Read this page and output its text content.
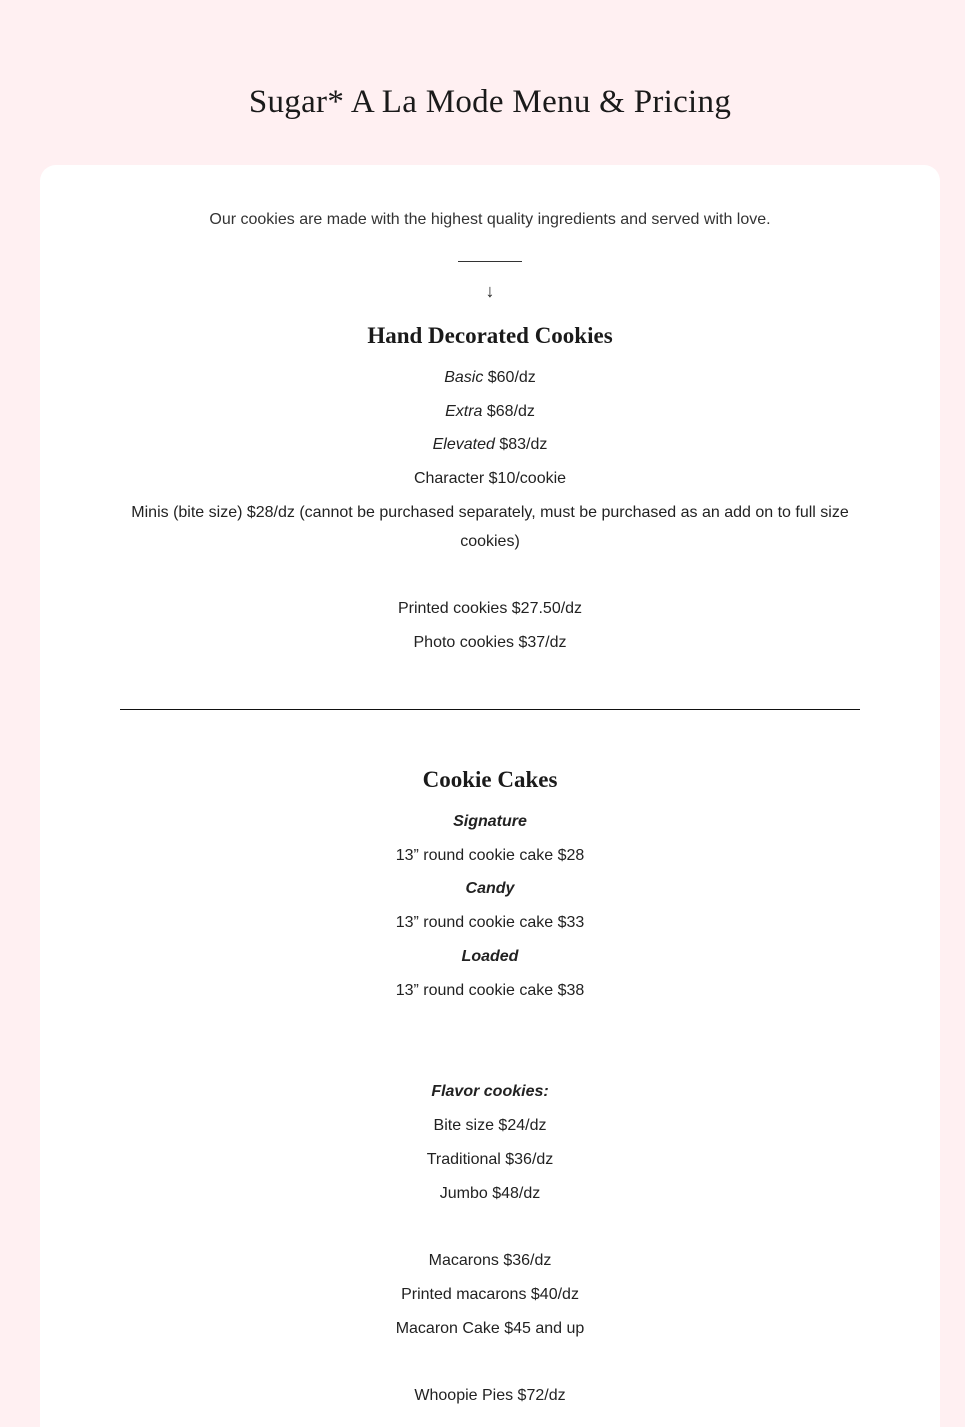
Sugar* A La Mode Menu & Pricing

Our cookies are made with the highest quality ingredients and served with love.

↓
Hand Decorated Cookies

Basic $60/dz

Extra $68/dz

Elevated $83/dz

Character $10/cookie

Minis (bite size) $28/dz (cannot be purchased separately, must be purchased as an add on to full size cookies)

Printed cookies $27.50/dz

Photo cookies $37/dz

Cookie Cakes

Signature

13” round cookie cake $28

Candy

13” round cookie cake $33

Loaded

13” round cookie cake $38

Flavor cookies:

Bite size $24/dz

Traditional $36/dz

Jumbo $48/dz

Macarons $36/dz

Printed macarons $40/dz

Macaron Cake $45 and up

Whoopie Pies $72/dz
